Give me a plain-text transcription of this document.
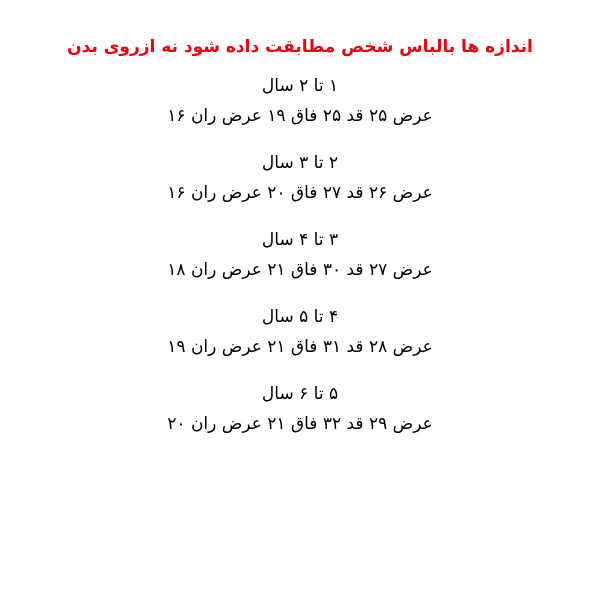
اندازه ها بالباس شخص مطابقت داده شود نه ازروی بدن
۱ تا ۲ سال
عرض ۲۵ قد ۲۵ فاق ۱۹ عرض ران ۱۶
۲ تا ۳ سال
عرض ۲۶ قد ۲۷ فاق ۲۰ عرض ران ۱۶
۳ تا ۴ سال
عرض ۲۷ قد ۳۰ فاق ۲۱ عرض ران ۱۸
۴ تا ۵ سال
عرض ۲۸ قد ۳۱ فاق ۲۱ عرض ران ۱۹
۵ تا ۶ سال
عرض ۲۹ قد ۳۲ فاق ۲۱ عرض ران ۲۰
